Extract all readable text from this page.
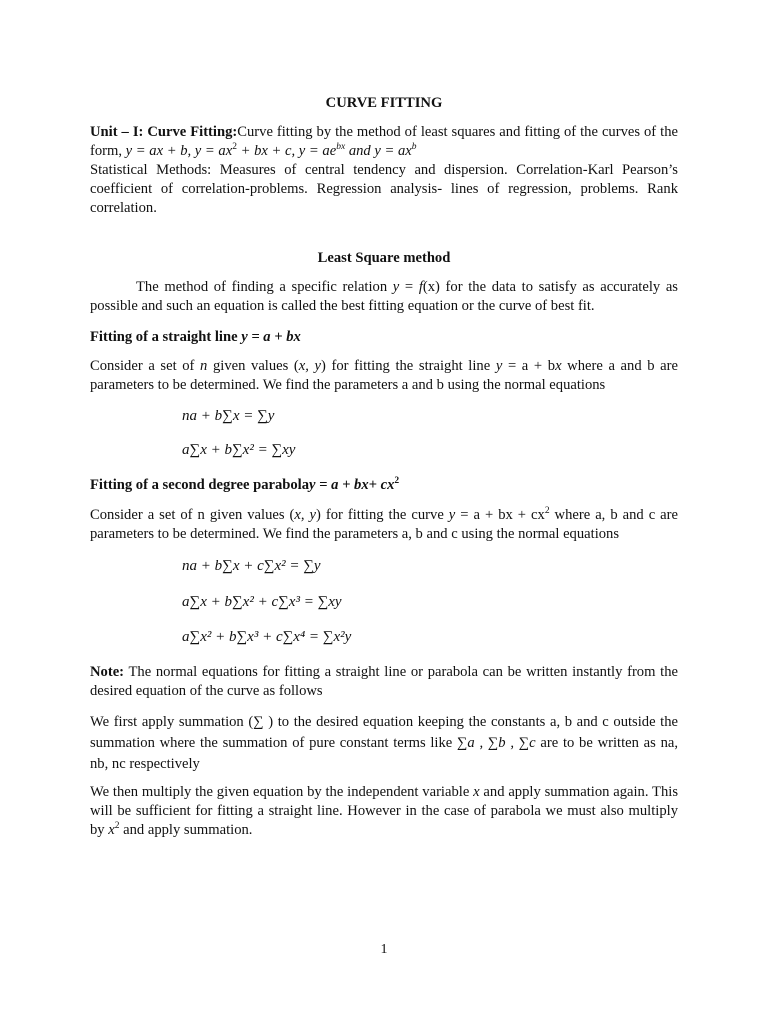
CURVE FITTING
Unit – I: Curve Fitting:Curve fitting by the method of least squares and fitting of the curves of the form, y = ax + b, $y = ax^2$ + bx + c, $y = ae^{bx}$ and $y = ax^b$
Statistical Methods: Measures of central tendency and dispersion. Correlation-Karl Pearson’s coefficient of correlation-problems. Regression analysis- lines of regression, problems. Rank correlation.
Least Square method
The method of finding a specific relation y = f(x) for the data to satisfy as accurately as possible and such an equation is called the best fitting equation or the curve of best fit.
Fitting of a straight line y = a + bx
Consider a set of n given values (x, y) for fitting the straight line y = a + bx where a and b are parameters to be determined. We find the parameters a and b using the normal equations
na + b∑x = ∑y
a∑x + b∑x² = ∑xy
Fitting of a second degree parabolay = $a + bx+ cx^2$
Consider a set of n given values (x, y) for fitting the curve y = a + bx + $cx^2$ where a, b and c are parameters to be determined. We find the parameters a, b and c using the normal equations
na + b∑x + c∑x² = ∑y
a∑x + b∑x² + c∑x³ = ∑xy
a∑x² + b∑x³ + c∑x⁴ = ∑x²y
Note: The normal equations for fitting a straight line or parabola can be written instantly from the desired equation of the curve as follows
We first apply summation (∑ ) to the desired equation keeping the constants a, b and c outside the summation where the summation of pure constant terms like ∑a , ∑b , ∑c are to be written as na, nb, nc respectively
We then multiply the given equation by the independent variable x and apply summation again. This will be sufficient for fitting a straight line. However in the case of parabola we must also multiply by $x^2$ and apply summation.
1
